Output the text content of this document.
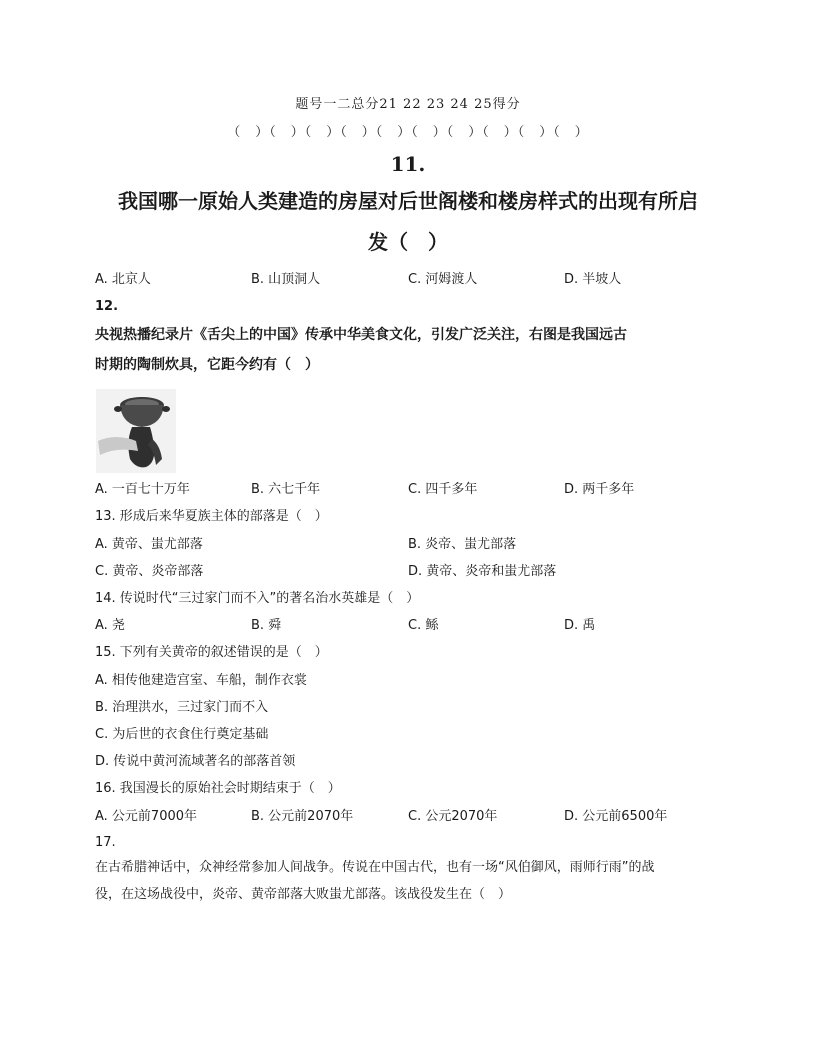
题号一二总分21 22 23 24 25得分
（　）（　）（　）（　）（　）（　）（　）（　）（　）（　）
11.
我国哪一原始人类建造的房屋对后世阁楼和楼房样式的出现有所启
发（　）
A. 北京人	B. 山顶洞人	C. 河姆渡人	D. 半坡人
12.
央视热播纪录片《舌尖上的中国》传承中华美食文化，引发广泛关注，右图是我国远古
时期的陶制炊具，它距今约有（　）
A. 一百七十万年	B. 六七千年	C. 四千多年	D. 两千多年
13. 形成后来华夏族主体的部落是（　）
A. 黄帝、蚩尤部落	B. 炎帝、蚩尤部落
C. 黄帝、炎帝部落	D. 黄帝、炎帝和蚩尤部落
14. 传说时代“三过家门而不入”的著名治水英雄是（　）
A. 尧	B. 舜	C. 鲧	D. 禹
15. 下列有关黄帝的叙述错误的是（　）
A. 相传他建造宫室、车船，制作衣裳
B. 治理洪水，三过家门而不入
C. 为后世的衣食住行奠定基础
D. 传说中黄河流域著名的部落首领
16. 我国漫长的原始社会时期结束于（　）
A. 公元前7000年	B. 公元前2070年	C. 公元2070年	D. 公元前6500年
17.
在古希腊神话中，众神经常参加人间战争。传说在中国古代，也有一场“风伯御风，雨师行雨”的战
役，在这场战役中，炎帝、黄帝部落大败蚩尤部落。该战役发生在（　）
